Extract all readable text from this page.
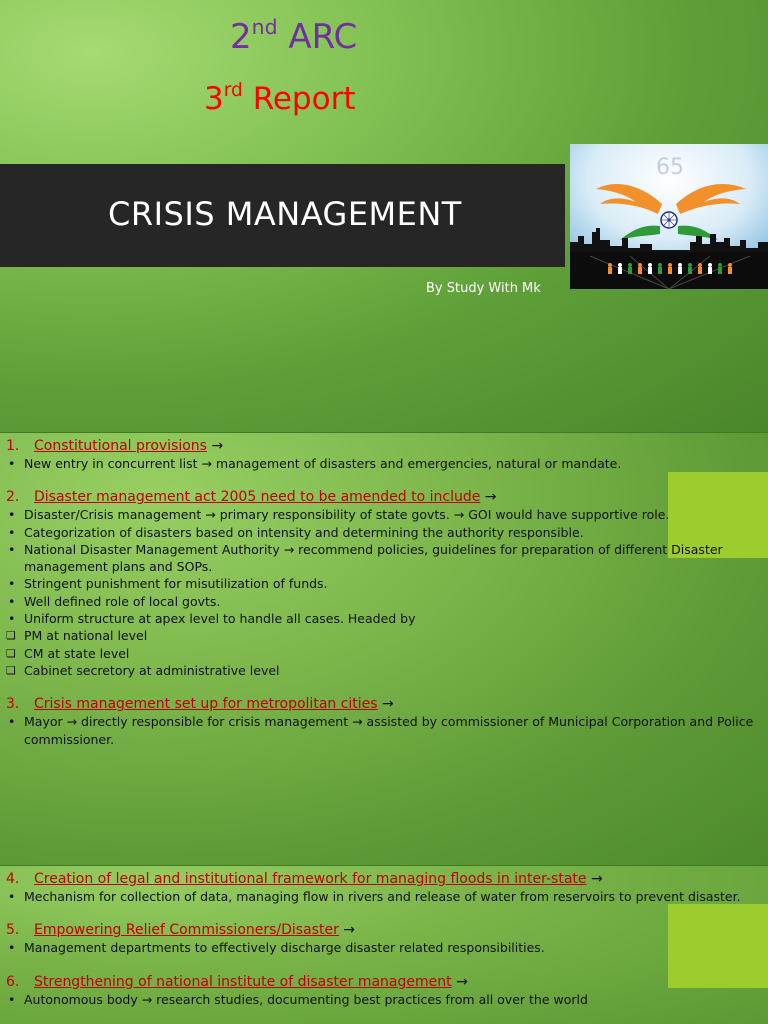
2nd ARC
3rd Report
CRISIS MANAGEMENT
65
By Study With Mk
1. Constitutional provisions →
• New entry in concurrent list → management of disasters and emergencies, natural or mandate.
2. Disaster management act 2005 need to be amended to include →
• Disaster/Crisis management → primary responsibility of state govts. → GOI would have supportive role.
• Categorization of disasters based on intensity and determining the authority responsible.
• National Disaster Management Authority → recommend policies, guidelines for preparation of different Disaster management plans and SOPs.
• Stringent punishment for misutilization of funds.
• Well defined role of local govts.
• Uniform structure at apex level to handle all cases. Headed by
❑ PM at national level
❑ CM at state level
❑ Cabinet secretory at administrative level
3. Crisis management set up for metropolitan cities →
• Mayor → directly responsible for crisis management → assisted by commissioner of Municipal Corporation and Police commissioner.
4. Creation of legal and institutional framework for managing floods in inter-state →
• Mechanism for collection of data, managing flow in rivers and release of water from reservoirs to prevent disaster.
5. Empowering Relief Commissioners/Disaster →
• Management departments to effectively discharge disaster related responsibilities.
6. Strengthening of national institute of disaster management →
• Autonomous body → research studies, documenting best practices from all over the world
